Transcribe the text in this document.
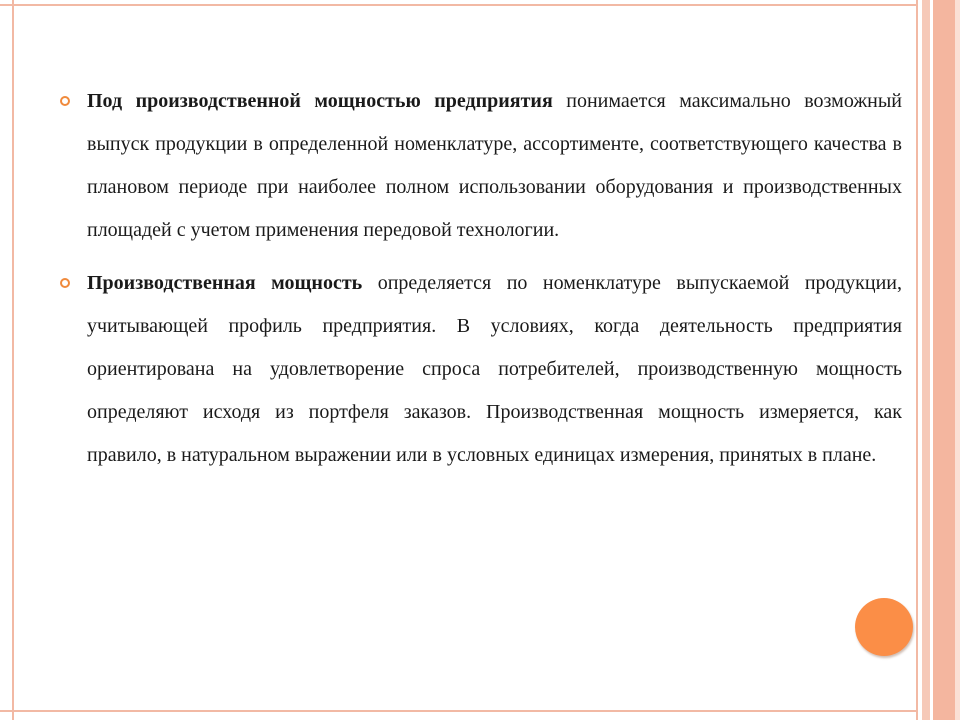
Под производственной мощностью предприятия понимается максимально возможный выпуск продукции в определенной номенклатуре, ассортименте, соответствующего качества в плановом периоде при наиболее полном использовании оборудования и производственных площадей с учетом применения передовой технологии.

Производственная мощность определяется по номенклатуре выпускаемой продукции, учитывающей профиль предприятия. В условиях, когда деятельность предприятия ориентирована на удовлетворение спроса потребителей, производственную мощность определяют исходя из портфеля заказов. Производственная мощность измеряется, как правило, в натуральном выражении или в условных единицах измерения, принятых в плане.
